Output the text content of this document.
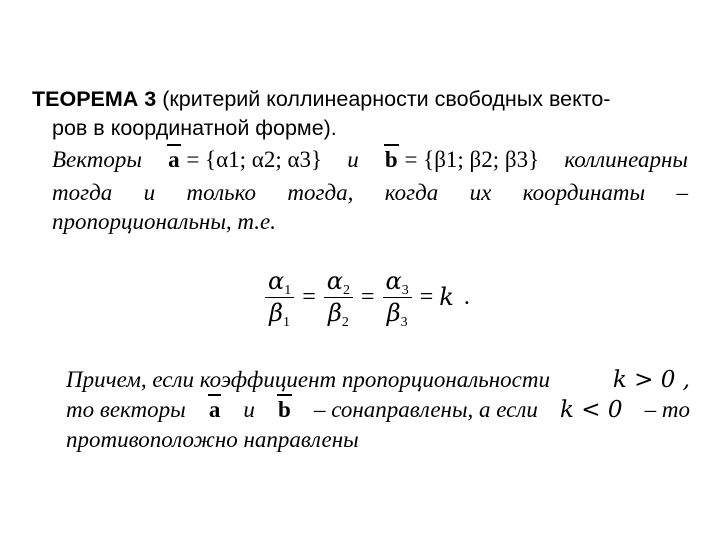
ТЕОРЕМА 3 (критерий коллинеарности свободных векто-
ров в координатной форме).
Векторы a = {α1; α2; α3} и b = {β1; β2; β3} коллинеарны
тогда и только тогда, когда их координаты –
пропорциональны, т.е.
$\frac{\alpha_1}{\beta_1} = \frac{\alpha_2}{\beta_2} = \frac{\alpha_3}{\beta_3} = k$ .
Причем, если коэффициент пропорциональности	k > 0 ,
то векторы a и b – сонаправлены, а если k < 0 – то
противоположно направлены
